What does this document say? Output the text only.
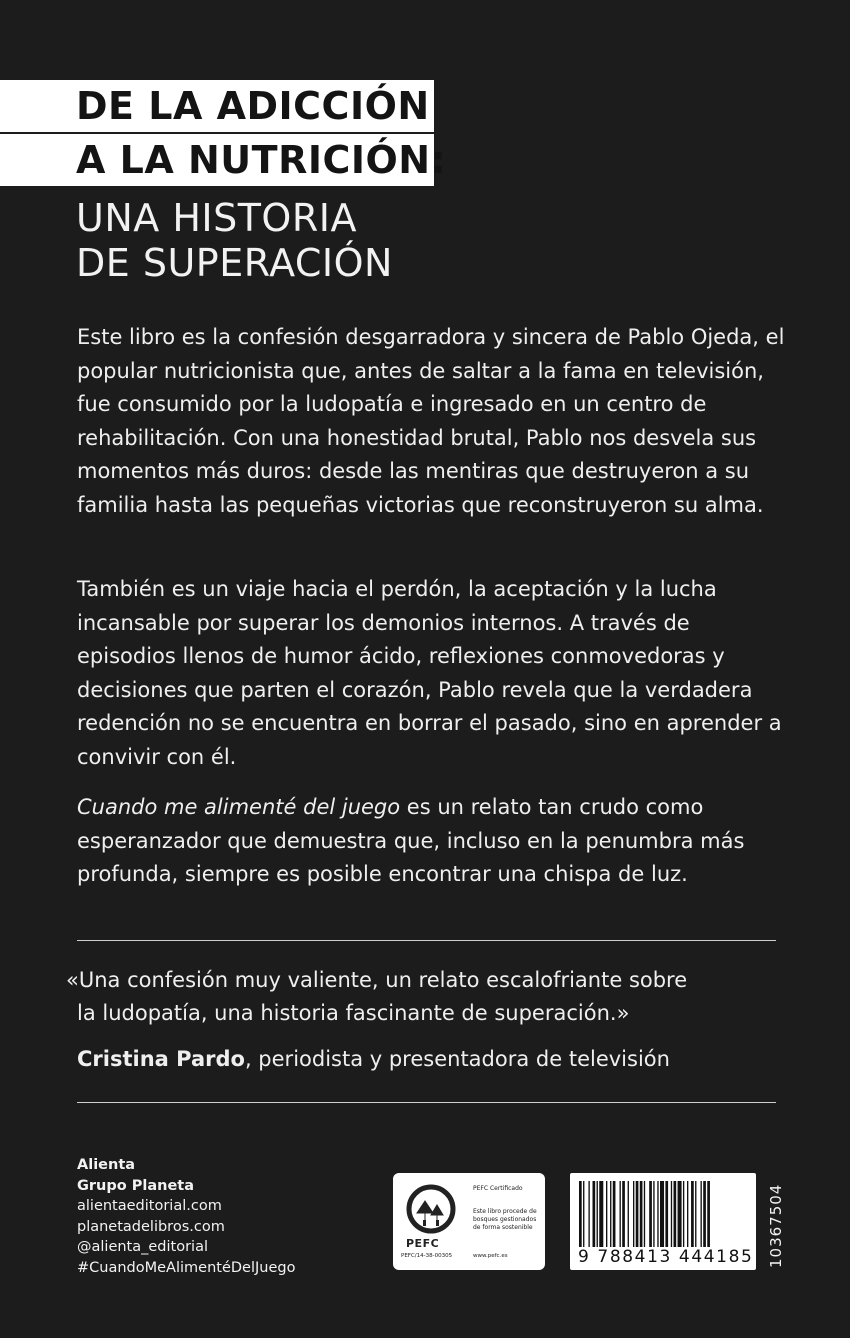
DE LA ADICCIÓN
A LA NUTRICIÓN:
UNA HISTORIA
DE SUPERACIÓN

Este libro es la confesión desgarradora y sincera de Pablo Ojeda, el popular nutricionista que, antes de saltar a la fama en televisión, fue consumido por la ludopatía e ingresado en un centro de rehabilitación. Con una honestidad brutal, Pablo nos desvela sus momentos más duros: desde las mentiras que destruyeron a su familia hasta las pequeñas victorias que reconstruyeron su alma.

También es un viaje hacia el perdón, la aceptación y la lucha incansable por superar los demonios internos. A través de episodios llenos de humor ácido, reflexiones conmovedoras y decisiones que parten el corazón, Pablo revela que la verdadera redención no se encuentra en borrar el pasado, sino en aprender a convivir con él.

Cuando me alimenté del juego es un relato tan crudo como esperanzador que demuestra que, incluso en la penumbra más profunda, siempre es posible encontrar una chispa de luz.

«Una confesión muy valiente, un relato escalofriante sobre
la ludopatía, una historia fascinante de superación.»
Cristina Pardo, periodista y presentadora de televisión
Alienta
Grupo Planeta
alientaeditorial.com
planetadelibros.com
@alienta_editorial
#CuandoMeAlimentéDelJuego
PEFC
PEFC/14-38-00305
PEFC Certificado
Este libro procede de bosques gestionados de forma sostenible
www.pefc.es	9 788413 444185 10367504
